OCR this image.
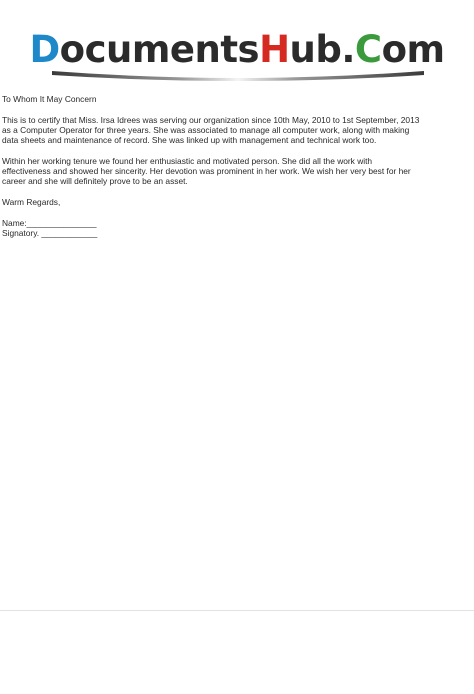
DocumentsHub.Com

To Whom It May Concern

This is to certify that Miss. Irsa Idrees was serving our organization since 10th May, 2010 to 1st September, 2013

as a Computer Operator for three years. She was associated to manage all computer work, along with making

data sheets and maintenance of record. She was linked up with management and technical work too.

Within her working tenure we found her enthusiastic and motivated person. She did all the work with

effectiveness and showed her sincerity. Her devotion was prominent in her work. We wish her very best for her

career and she will definitely prove to be an asset.

Warm Regards,

Name:_______________

Signatory. ____________
